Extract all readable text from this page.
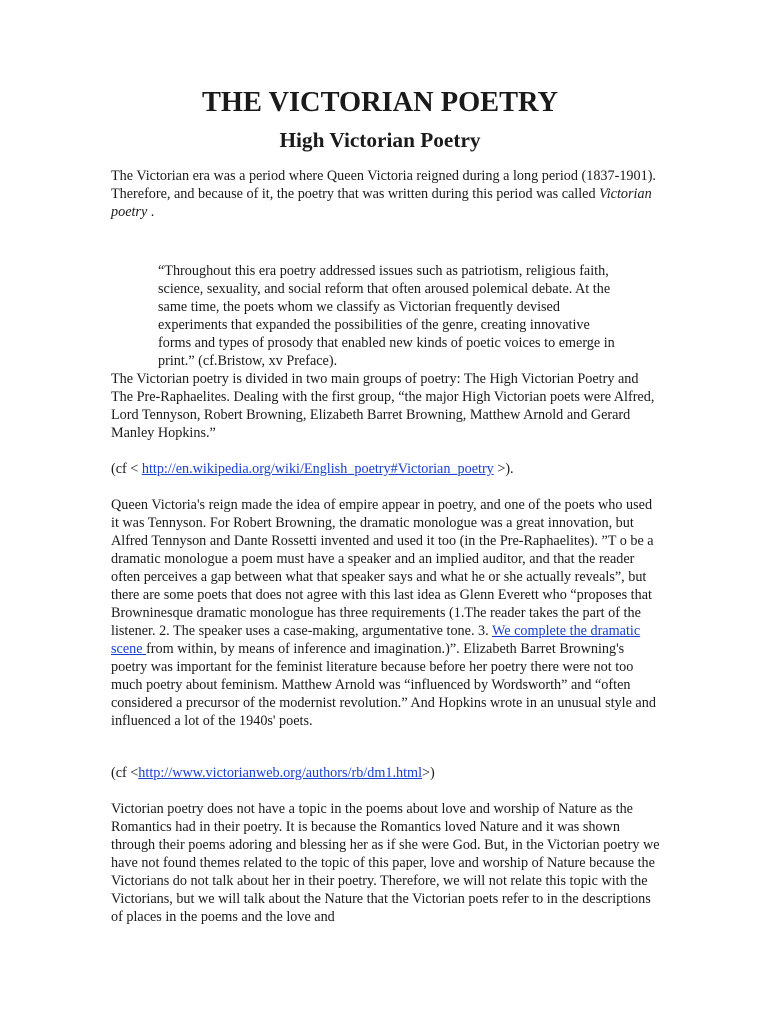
THE VICTORIAN POETRY
High Victorian Poetry

The Victorian era was a period where Queen Victoria reigned during a long period (1837-1901). Therefore, and because of it, the poetry that was written during this period was called Victorian poetry .

“Throughout this era poetry addressed issues such as patriotism, religious faith, science, sexuality, and social reform that often aroused polemical debate. At the same time, the poets whom we classify as Victorian frequently devised experiments that expanded the possibilities of the genre, creating innovative forms and types of prosody that enabled new kinds of poetic voices to emerge in print.” (cf.Bristow, xv Preface).

The Victorian poetry is divided in two main groups of poetry: The High Victorian Poetry and The Pre-Raphaelites. Dealing with the first group, “the major High Victorian poets were Alfred, Lord Tennyson, Robert Browning, Elizabeth Barret Browning, Matthew Arnold and Gerard Manley Hopkins.”

(cf < http://en.wikipedia.org/wiki/English_poetry#Victorian_poetry >).

Queen Victoria's reign made the idea of empire appear in poetry, and one of the poets who used it was Tennyson. For Robert Browning, the dramatic monologue was a great innovation, but Alfred Tennyson and Dante Rossetti invented and used it too (in the Pre-Raphaelites). ”T o be a dramatic monologue a poem must have a speaker and an implied auditor, and that the reader often perceives a gap between what that speaker says and what he or she actually reveals”, but there are some poets that does not agree with this last idea as Glenn Everett who “proposes that Browninesque dramatic monologue has three requirements (1.The reader takes the part of the listener. 2. The speaker uses a case-making, argumentative tone. 3. We complete the dramatic scene from within, by means of inference and imagination.)”. Elizabeth Barret Browning's poetry was important for the feminist literature because before her poetry there were not too much poetry about feminism. Matthew Arnold was “influenced by Wordsworth” and “often considered a precursor of the modernist revolution.” And Hopkins wrote in an unusual style and influenced a lot of the 1940s' poets.

(cf <http://www.victorianweb.org/authors/rb/dm1.html>)

Victorian poetry does not have a topic in the poems about love and worship of Nature as the Romantics had in their poetry. It is because the Romantics loved Nature and it was shown through their poems adoring and blessing her as if she were God. But, in the Victorian poetry we have not found themes related to the topic of this paper, love and worship of Nature because the Victorians do not talk about her in their poetry. Therefore, we will not relate this topic with the Victorians, but we will talk about the Nature that the Victorian poets refer to in the descriptions of places in the poems and the love and
